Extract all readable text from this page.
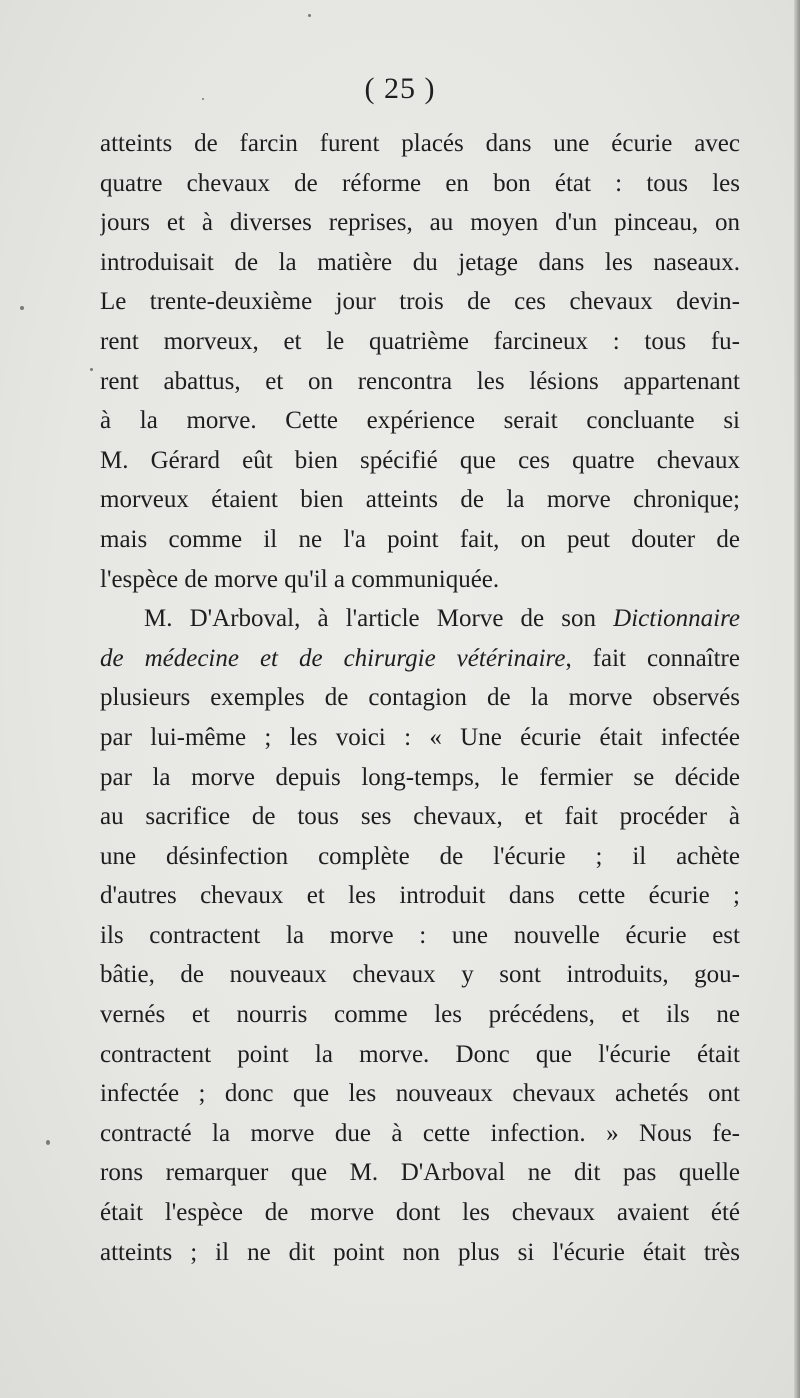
( 25 )
atteints de farcin furent placés dans une écurie avec
quatre chevaux de réforme en bon état : tous les
jours et à diverses reprises, au moyen d'un pinceau, on
introduisait de la matière du jetage dans les naseaux.
Le trente-deuxième jour trois de ces chevaux devin-
rent morveux, et le quatrième farcineux : tous fu-
rent abattus, et on rencontra les lésions appartenant
à la morve. Cette expérience serait concluante si
M. Gérard eût bien spécifié que ces quatre chevaux
morveux étaient bien atteints de la morve chronique;
mais comme il ne l'a point fait, on peut douter de
l'espèce de morve qu'il a communiquée.
M. D'Arboval, à l'article Morve de son Dictionnaire
de médecine et de chirurgie vétérinaire, fait connaître
plusieurs exemples de contagion de la morve observés
par lui-même ; les voici : « Une écurie était infectée
par la morve depuis long-temps, le fermier se décide
au sacrifice de tous ses chevaux, et fait procéder à
une désinfection complète de l'écurie ; il achète
d'autres chevaux et les introduit dans cette écurie ;
ils contractent la morve : une nouvelle écurie est
bâtie, de nouveaux chevaux y sont introduits, gou-
vernés et nourris comme les précédens, et ils ne
contractent point la morve. Donc que l'écurie était
infectée ; donc que les nouveaux chevaux achetés ont
contracté la morve due à cette infection. » Nous fe-
rons remarquer que M. D'Arboval ne dit pas quelle
était l'espèce de morve dont les chevaux avaient été
atteints ; il ne dit point non plus si l'écurie était très
